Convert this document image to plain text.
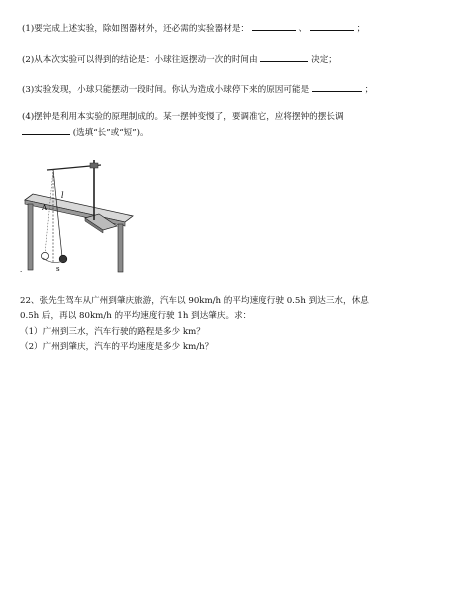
(1)要完成上述实验，除如图器材外，还必需的实验器材是：	、	；
(2)从本次实验可以得到的结论是：小球往返摆动一次的时间由	决定；
(3)实验发现，小球只能摆动一段时间。你认为造成小球停下来的原因可能是	；
(4)摆钟是利用本实验的原理制成的。某一摆钟变慢了，要调准它，应将摆钟的摆长调
(选填“长”或“短”)。
l
A
s
.
22、张先生驾车从广州到肇庆旅游，汽车以 90km/h 的平均速度行驶 0.5h 到达三水，休息
0.5h 后，再以 80km/h 的平均速度行驶 1h 到达肇庆。求：
（1）广州到三水，汽车行驶的路程是多少 km？
（2）广州到肇庆，汽车的平均速度是多少 km/h？
